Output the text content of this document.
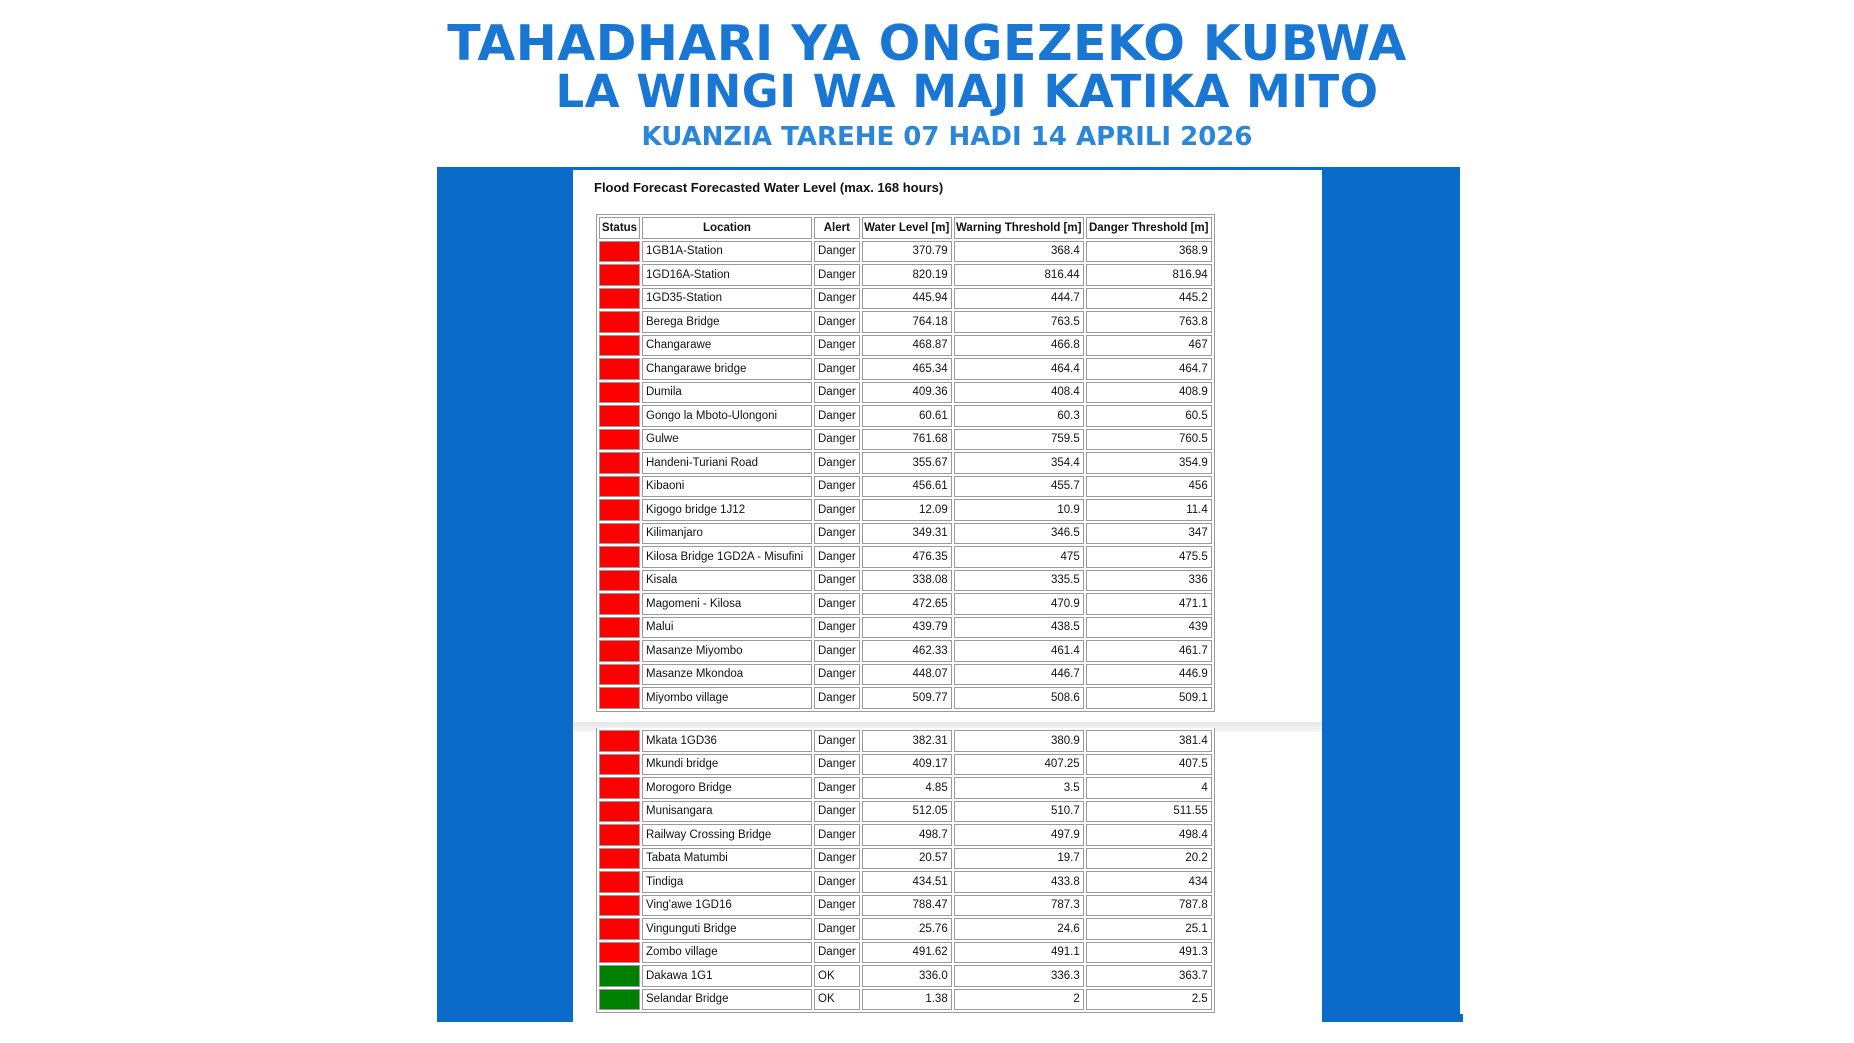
TAHADHARI YA ONGEZEKO KUBWA
LA WINGI WA MAJI KATIKA MITO
KUANZIA TAREHE 07 HADI 14 APRILI 2026
Flood Forecast Forecasted Water Level (max. 168 hours)
Status	Location	Alert	Water Level [m]	Warning Threshold [m]	Danger Threshold [m]
	1GB1A-Station	Danger	370.79	368.4	368.9
	1GD16A-Station	Danger	820.19	816.44	816.94
	1GD35-Station	Danger	445.94	444.7	445.2
	Berega Bridge	Danger	764.18	763.5	763.8
	Changarawe	Danger	468.87	466.8	467
	Changarawe bridge	Danger	465.34	464.4	464.7
	Dumila	Danger	409.36	408.4	408.9
	Gongo la Mboto-Ulongoni	Danger	60.61	60.3	60.5
	Gulwe	Danger	761.68	759.5	760.5
	Handeni-Turiani Road	Danger	355.67	354.4	354.9
	Kibaoni	Danger	456.61	455.7	456
	Kigogo bridge 1J12	Danger	12.09	10.9	11.4
	Kilimanjaro	Danger	349.31	346.5	347
	Kilosa Bridge 1GD2A - Misufini	Danger	476.35	475	475.5
	Kisala	Danger	338.08	335.5	336
	Magomeni - Kilosa	Danger	472.65	470.9	471.1
	Malui	Danger	439.79	438.5	439
	Masanze Miyombo	Danger	462.33	461.4	461.7
	Masanze Mkondoa	Danger	448.07	446.7	446.9
	Miyombo village	Danger	509.77	508.6	509.1
	Mkata 1GD36	Danger	382.31	380.9	381.4
	Mkundi bridge	Danger	409.17	407.25	407.5
	Morogoro Bridge	Danger	4.85	3.5	4
	Munisangara	Danger	512.05	510.7	511.55
	Railway Crossing Bridge	Danger	498.7	497.9	498.4
	Tabata Matumbi	Danger	20.57	19.7	20.2
	Tindiga	Danger	434.51	433.8	434
	Ving'awe 1GD16	Danger	788.47	787.3	787.8
	Vingunguti Bridge	Danger	25.76	24.6	25.1
	Zombo village	Danger	491.62	491.1	491.3
	Dakawa 1G1	OK	336.0	336.3	363.7
	Selandar Bridge	OK	1.38	2	2.5
